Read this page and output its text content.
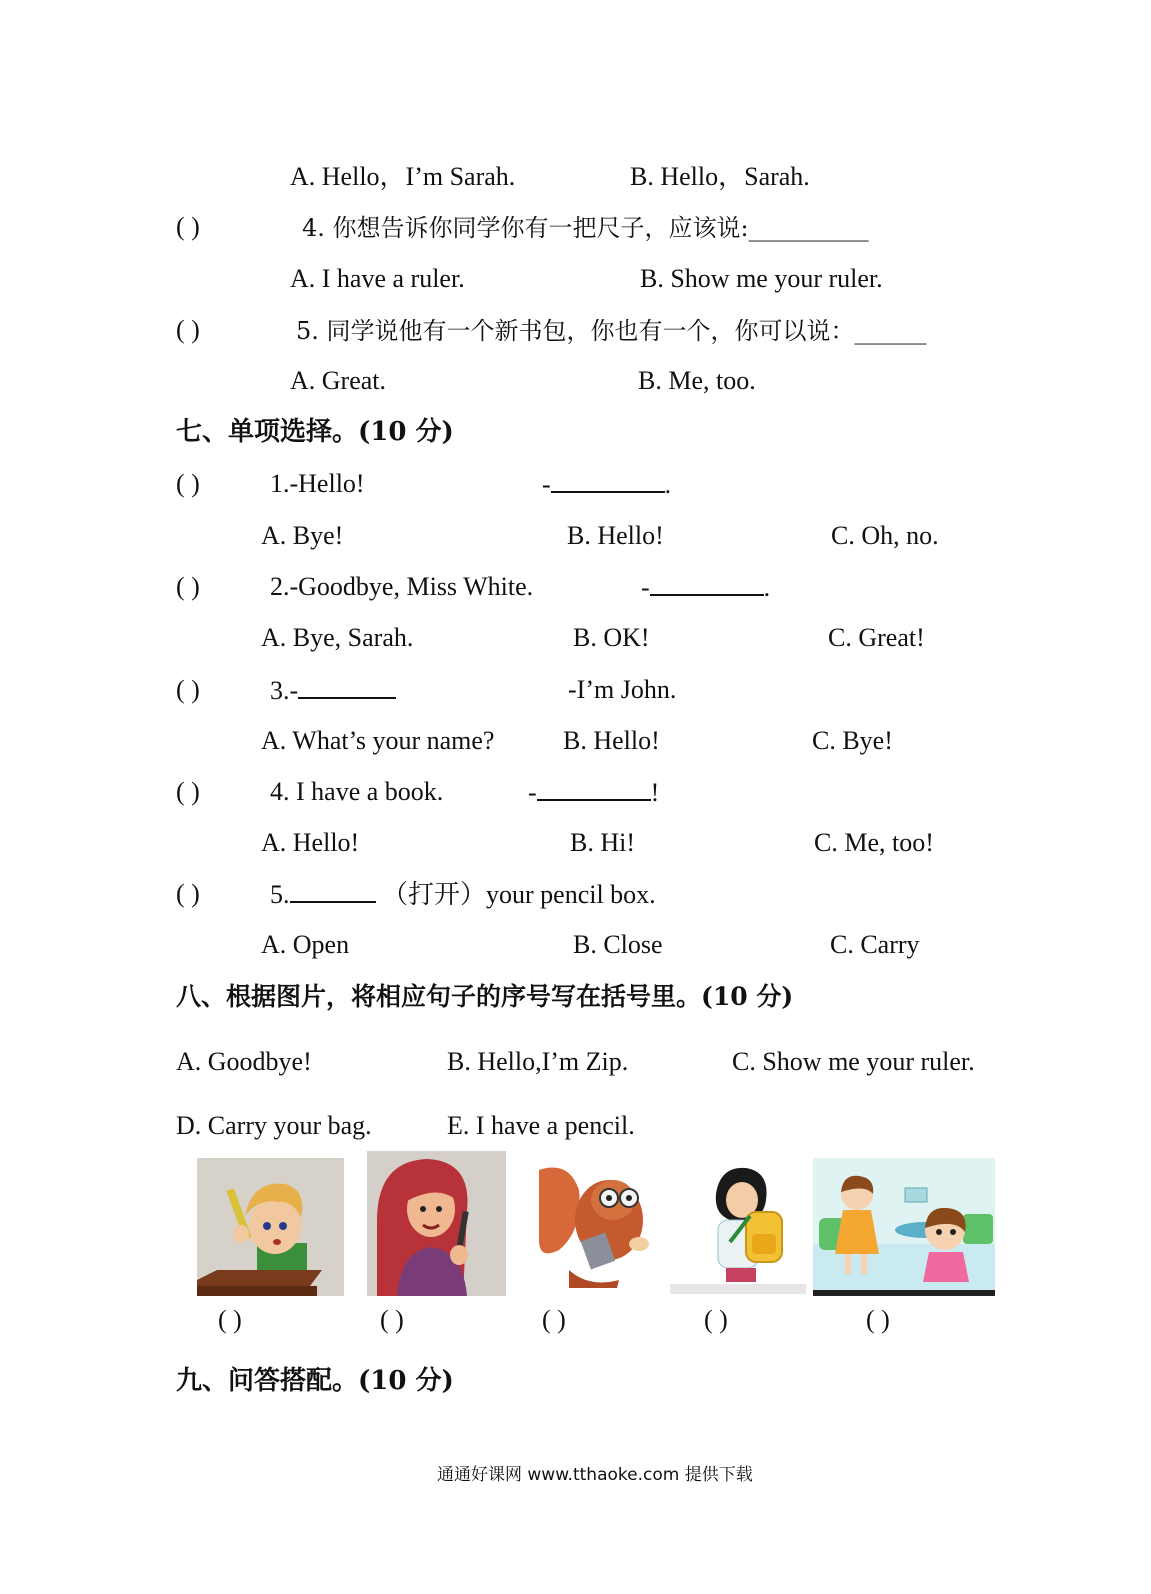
A. Hello，I’m Sarah.	B. Hello，Sarah.
( )	4. 你想告诉你同学你有一把尺子，应该说:__________
A. I have a ruler.	B. Show me your ruler.
( )	5. 同学说他有一个新书包，你也有一个，你可以说：______
A. Great.	B. Me, too.
七、单项选择。(10 分)
( )	1.-Hello!	-	.
A. Bye!	B. Hello!	C. Oh, no.
( )	2.-Goodbye, Miss White.	-	.
A. Bye, Sarah.	B. OK!	C. Great!
( )	3.-	-I’m John.
A. What’s your name?	B. Hello!	C. Bye!
( )	4. I have a book.	-	!
A. Hello!	B. Hi!	C. Me, too!
( )	5.	（打开）your pencil box.
A. Open	B. Close	C. Carry
八、根据图片，将相应句子的序号写在括号里。(10 分)
A. Goodbye!	B. Hello,I’m Zip.	C. Show me your ruler.
D. Carry your bag.	E. I have a pencil.
( )	( )	( )	( )	( )
九、问答搭配。(10 分)
通通好课网 www.tthaoke.com 提供下载
